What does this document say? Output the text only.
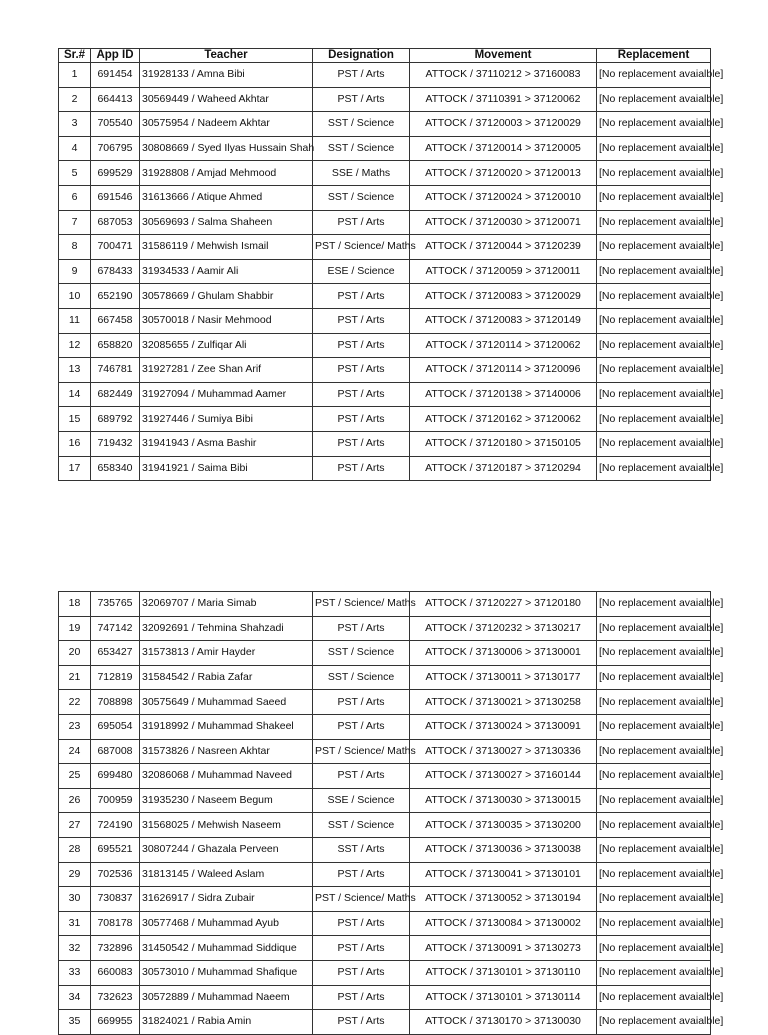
Sr.#	App ID	Teacher	Designation	Movement	Replacement
1	691454	31928133 / Amna Bibi	PST / Arts	ATTOCK / 37110212 > 37160083	[No replacement avaialble]
2	664413	30569449 / Waheed Akhtar	PST / Arts	ATTOCK / 37110391 > 37120062	[No replacement avaialble]
3	705540	30575954 / Nadeem Akhtar	SST / Science	ATTOCK / 37120003 > 37120029	[No replacement avaialble]
4	706795	30808669 / Syed Ilyas Hussain Shah	SST / Science	ATTOCK / 37120014 > 37120005	[No replacement avaialble]
5	699529	31928808 / Amjad Mehmood	SSE / Maths	ATTOCK / 37120020 > 37120013	[No replacement avaialble]
6	691546	31613666 / Atique Ahmed	SST / Science	ATTOCK / 37120024 > 37120010	[No replacement avaialble]
7	687053	30569693 / Salma Shaheen	PST / Arts	ATTOCK / 37120030 > 37120071	[No replacement avaialble]
8	700471	31586119 / Mehwish Ismail	PST / Science/ Maths	ATTOCK / 37120044 > 37120239	[No replacement avaialble]
9	678433	31934533 / Aamir Ali	ESE / Science	ATTOCK / 37120059 > 37120011	[No replacement avaialble]
10	652190	30578669 / Ghulam Shabbir	PST / Arts	ATTOCK / 37120083 > 37120029	[No replacement avaialble]
11	667458	30570018 / Nasir Mehmood	PST / Arts	ATTOCK / 37120083 > 37120149	[No replacement avaialble]
12	658820	32085655 / Zulfiqar Ali	PST / Arts	ATTOCK / 37120114 > 37120062	[No replacement avaialble]
13	746781	31927281 / Zee Shan Arif	PST / Arts	ATTOCK / 37120114 > 37120096	[No replacement avaialble]
14	682449	31927094 / Muhammad Aamer	PST / Arts	ATTOCK / 37120138 > 37140006	[No replacement avaialble]
15	689792	31927446 / Sumiya Bibi	PST / Arts	ATTOCK / 37120162 > 37120062	[No replacement avaialble]
16	719432	31941943 / Asma Bashir	PST / Arts	ATTOCK / 37120180 > 37150105	[No replacement avaialble]
17	658340	31941921 / Saima Bibi	PST / Arts	ATTOCK / 37120187 > 37120294	[No replacement avaialble]
18	735765	32069707 / Maria Simab	PST / Science/ Maths	ATTOCK / 37120227 > 37120180	[No replacement avaialble]
19	747142	32092691 / Tehmina Shahzadi	PST / Arts	ATTOCK / 37120232 > 37130217	[No replacement avaialble]
20	653427	31573813 / Amir Hayder	SST / Science	ATTOCK / 37130006 > 37130001	[No replacement avaialble]
21	712819	31584542 / Rabia Zafar	SST / Science	ATTOCK / 37130011 > 37130177	[No replacement avaialble]
22	708898	30575649 / Muhammad Saeed	PST / Arts	ATTOCK / 37130021 > 37130258	[No replacement avaialble]
23	695054	31918992 / Muhammad Shakeel	PST / Arts	ATTOCK / 37130024 > 37130091	[No replacement avaialble]
24	687008	31573826 / Nasreen Akhtar	PST / Science/ Maths	ATTOCK / 37130027 > 37130336	[No replacement avaialble]
25	699480	32086068 / Muhammad Naveed	PST / Arts	ATTOCK / 37130027 > 37160144	[No replacement avaialble]
26	700959	31935230 / Naseem Begum	SSE / Science	ATTOCK / 37130030 > 37130015	[No replacement avaialble]
27	724190	31568025 / Mehwish Naseem	SST / Science	ATTOCK / 37130035 > 37130200	[No replacement avaialble]
28	695521	30807244 / Ghazala Perveen	SST / Arts	ATTOCK / 37130036 > 37130038	[No replacement avaialble]
29	702536	31813145 / Waleed Aslam	PST / Arts	ATTOCK / 37130041 > 37130101	[No replacement avaialble]
30	730837	31626917 / Sidra Zubair	PST / Science/ Maths	ATTOCK / 37130052 > 37130194	[No replacement avaialble]
31	708178	30577468 / Muhammad Ayub	PST / Arts	ATTOCK / 37130084 > 37130002	[No replacement avaialble]
32	732896	31450542 / Muhammad Siddique	PST / Arts	ATTOCK / 37130091 > 37130273	[No replacement avaialble]
33	660083	30573010 / Muhammad Shafique	PST / Arts	ATTOCK / 37130101 > 37130110	[No replacement avaialble]
34	732623	30572889 / Muhammad Naeem	PST / Arts	ATTOCK / 37130101 > 37130114	[No replacement avaialble]
35	669955	31824021 / Rabia Amin	PST / Arts	ATTOCK / 37130170 > 37130030	[No replacement avaialble]
